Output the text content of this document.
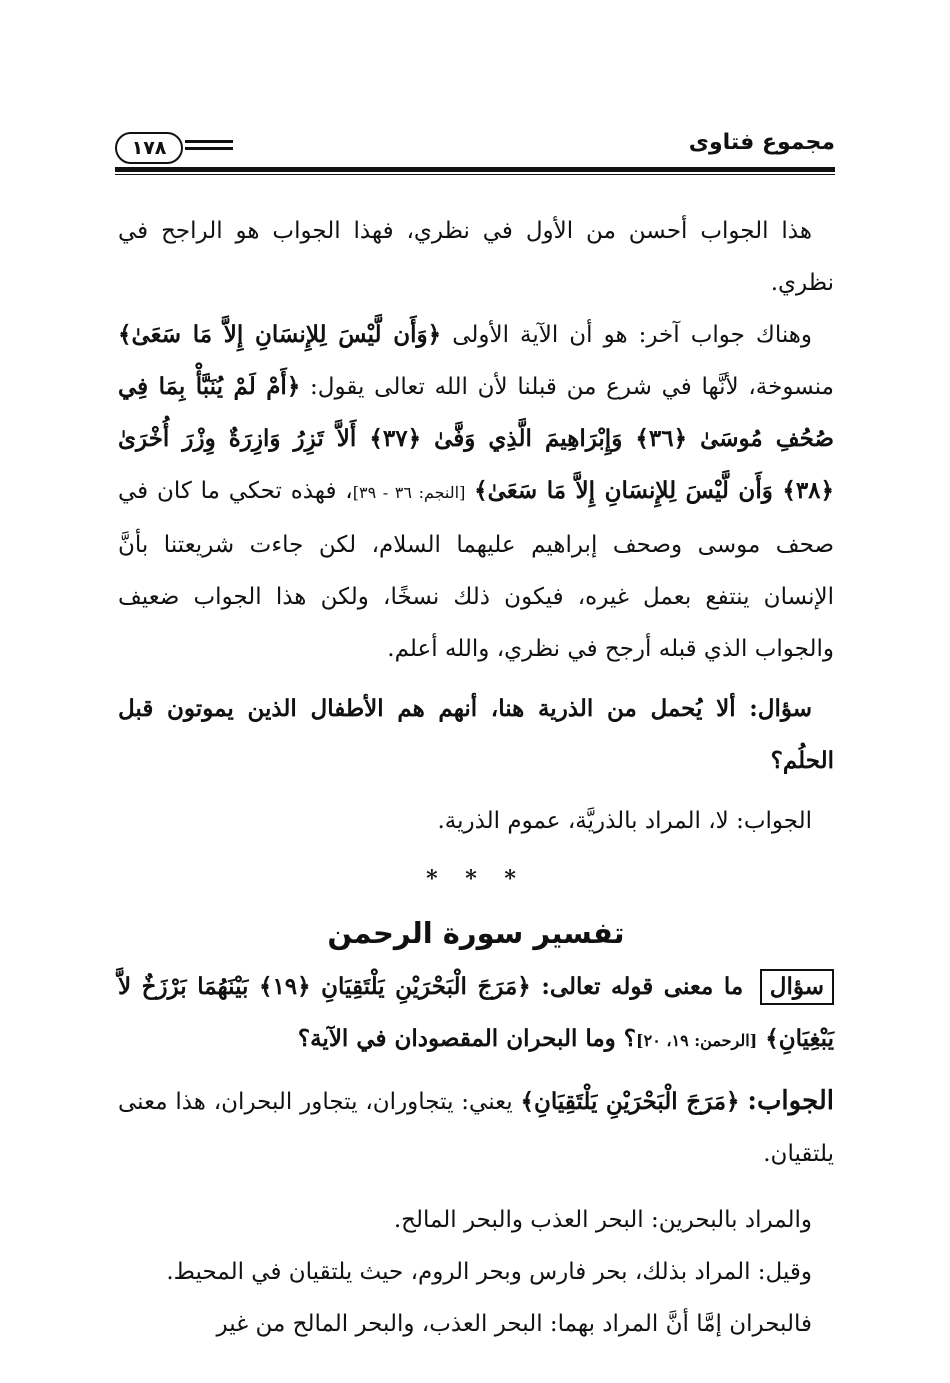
١٧٨	مجموع فتاوى

هذا الجواب أحسن من الأول في نظري، فهذا الجواب هو الراجح في نظري.

وهناك جواب آخر: هو أن الآية الأولى ﴿وَأَن لَّيْسَ لِلإِنسَانِ إِلاَّ مَا سَعَىٰ﴾ منسوخة، لأنَّها في شرع من قبلنا لأن الله تعالى يقول: ﴿أَمْ لَمْ يُنَبَّأْ بِمَا فِي صُحُفِ مُوسَىٰ ﴿٣٦﴾ وَإِبْرَاهِيمَ الَّذِي وَفَّىٰ ﴿٣٧﴾ أَلاَّ تَزِرُ وَازِرَةٌ وِزْرَ أُخْرَىٰ ﴿٣٨﴾ وَأَن لَّيْسَ لِلإِنسَانِ إِلاَّ مَا سَعَىٰ﴾ [النجم: ٣٦ - ٣٩]، فهذه تحكي ما كان في صحف موسى وصحف إبراهيم عليهما السلام، لكن جاءت شريعتنا بأنَّ الإنسان ينتفع بعمل غيره، فيكون ذلك نسخًا، ولكن هذا الجواب ضعيف والجواب الذي قبله أرجح في نظري، والله أعلم.

سؤال: ألا يُحمل من الذرية هنا، أنهم هم الأطفال الذين يموتون قبل الحلُم؟

الجواب: لا، المراد بالذريَّة، عموم الذرية.

* * *

تفسير سورة الرحمن

سؤال ما معنى قوله تعالى: ﴿مَرَجَ الْبَحْرَيْنِ يَلْتَقِيَانِ ﴿١٩﴾ بَيْنَهُمَا بَرْزَخٌ لاَّ يَبْغِيَانِ﴾ [الرحمن: ١٩، ٢٠]؟ وما البحران المقصودان في الآية؟

الجواب: ﴿مَرَجَ الْبَحْرَيْنِ يَلْتَقِيَانِ﴾ يعني: يتجاوران، يتجاور البحران، هذا معنى يلتقيان.

والمراد بالبحرين: البحر العذب والبحر المالح.

وقيل: المراد بذلك، بحر فارس وبحر الروم، حيث يلتقيان في المحيط.

فالبحران إمَّا أنَّ المراد بهما: البحر العذب، والبحر المالح من غير
